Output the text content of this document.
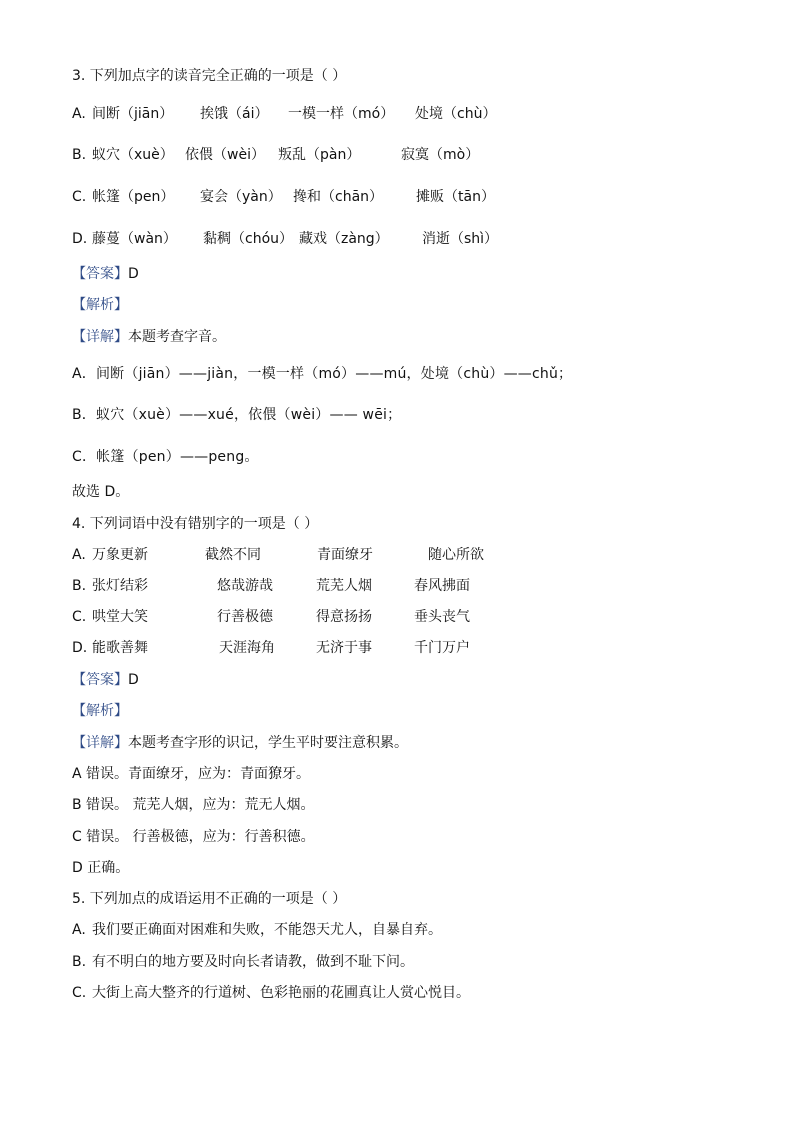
3. 下列加点字的读音完全正确的一项是（ ）
A. 间断（jiān） 挨饿（ái） 一模一样（mó） 处境（chù）
B. 蚁穴（xuè） 依偎（wèi） 叛乱（pàn）	寂寞（mò）
C. 帐篷（pen） 宴会（yàn） 搀和（chān） 摊贩（tān）
D. 藤蔓（wàn） 黏稠（chóu） 藏戏（zàng） 消逝（shì）
【答案】D
【解析】
【详解】本题考查字音。
A．间断（jiān）——jiàn，一模一样（mó）——mú，处境（chù）——chǔ；
B．蚁穴（xuè）——xué，依偎（wèi）—— wēi；
C．帐篷（pen）——peng。
故选 D。
4. 下列词语中没有错别字的一项是（ ）
A. 万象更新	截然不同	青面缭牙	随心所欲
B. 张灯结彩	悠哉游哉	荒芜人烟	春风拂面
C. 哄堂大笑	行善极德	得意扬扬	垂头丧气
D. 能歌善舞	天涯海角	无济于事	千门万户
【答案】D
【解析】
【详解】本题考查字形的识记，学生平时要注意积累。
A 错误。青面缭牙，应为：青面獠牙。
B 错误。 荒芜人烟，应为：荒无人烟。
C 错误。 行善极德，应为：行善积德。
D 正确。
5. 下列加点的成语运用不正确的一项是（ ）
A. 我们要正确面对困难和失败，不能怨天尤人，自暴自弃。
B. 有不明白的地方要及时向长者请教，做到不耻下问。
C. 大街上高大整齐的行道树、色彩艳丽的花圃真让人赏心悦目。
